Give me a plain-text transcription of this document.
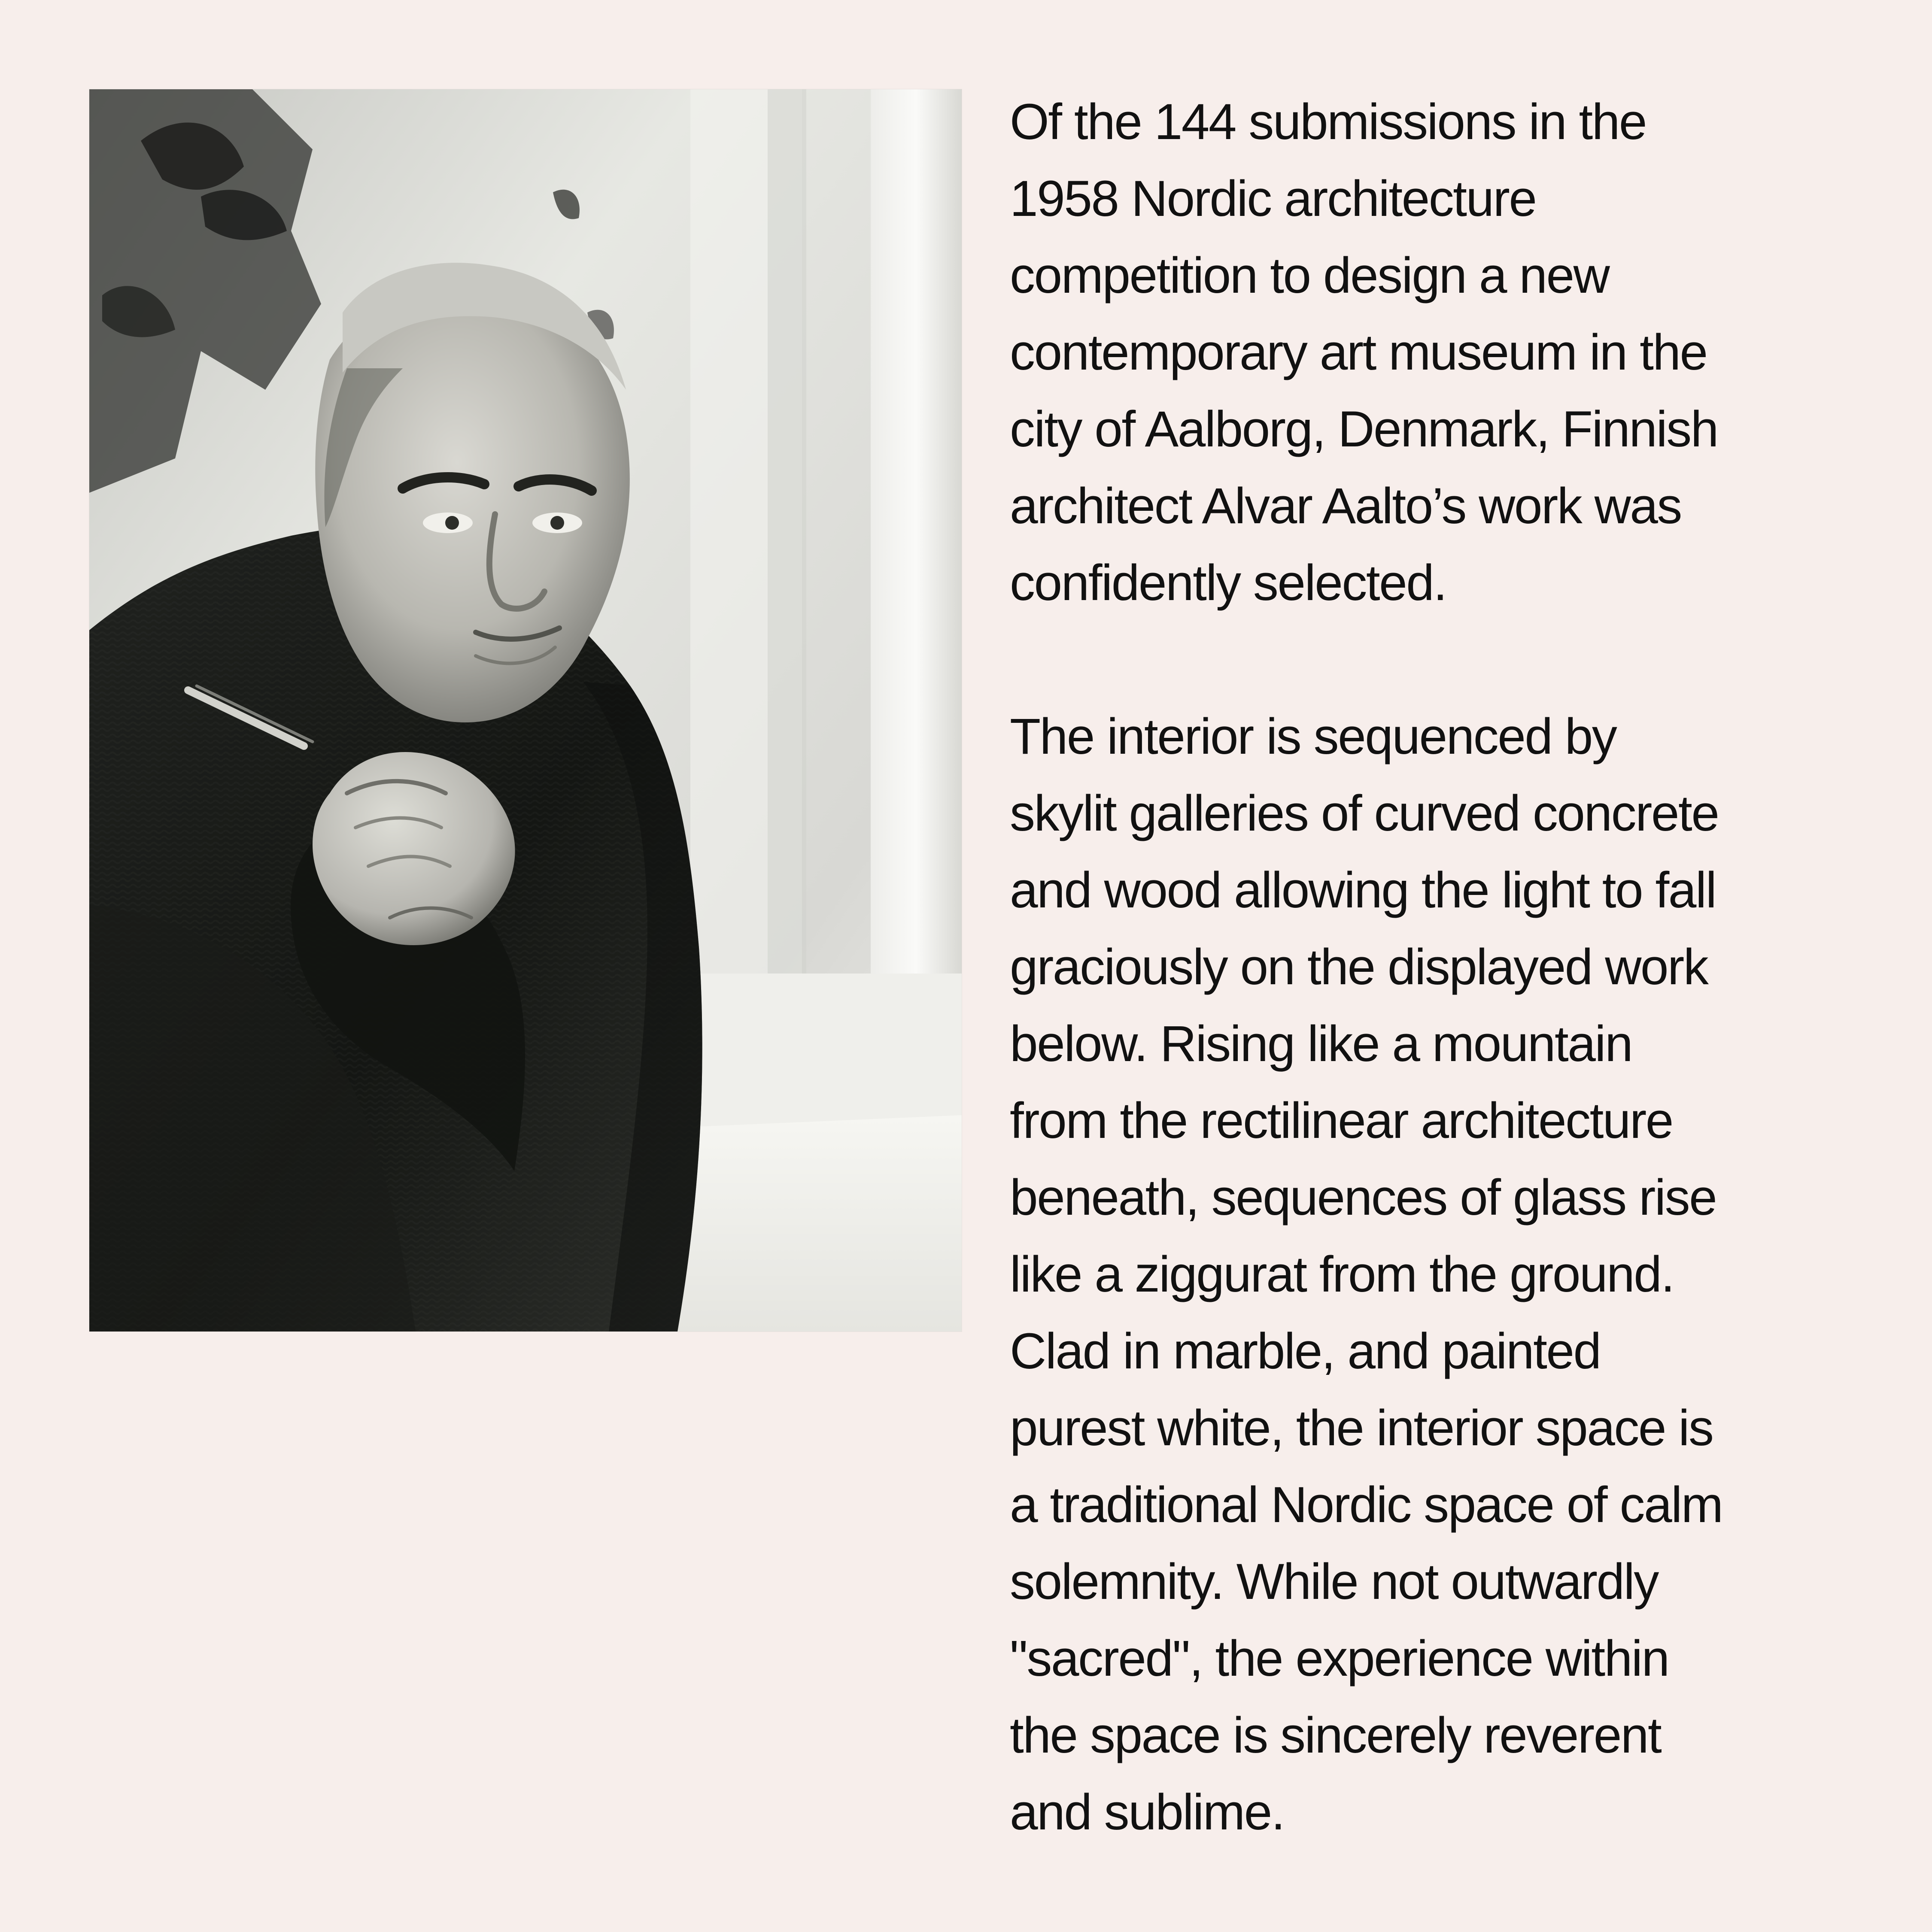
Of the 144 submissions in the
1958 Nordic architecture
competition to design a new
contemporary art museum in the
city of Aalborg, Denmark, Finnish
architect Alvar Aalto’s work was
confidently selected.

The interior is sequenced by
skylit galleries of curved concrete
and wood allowing the light to fall
graciously on the displayed work
below. Rising like a mountain
from the rectilinear architecture
beneath, sequences of glass rise
like a ziggurat from the ground.
Clad in marble, and painted
purest white, the interior space is
a traditional Nordic space of calm
solemnity. While not outwardly
"sacred", the experience within
the space is sincerely reverent
and sublime.
